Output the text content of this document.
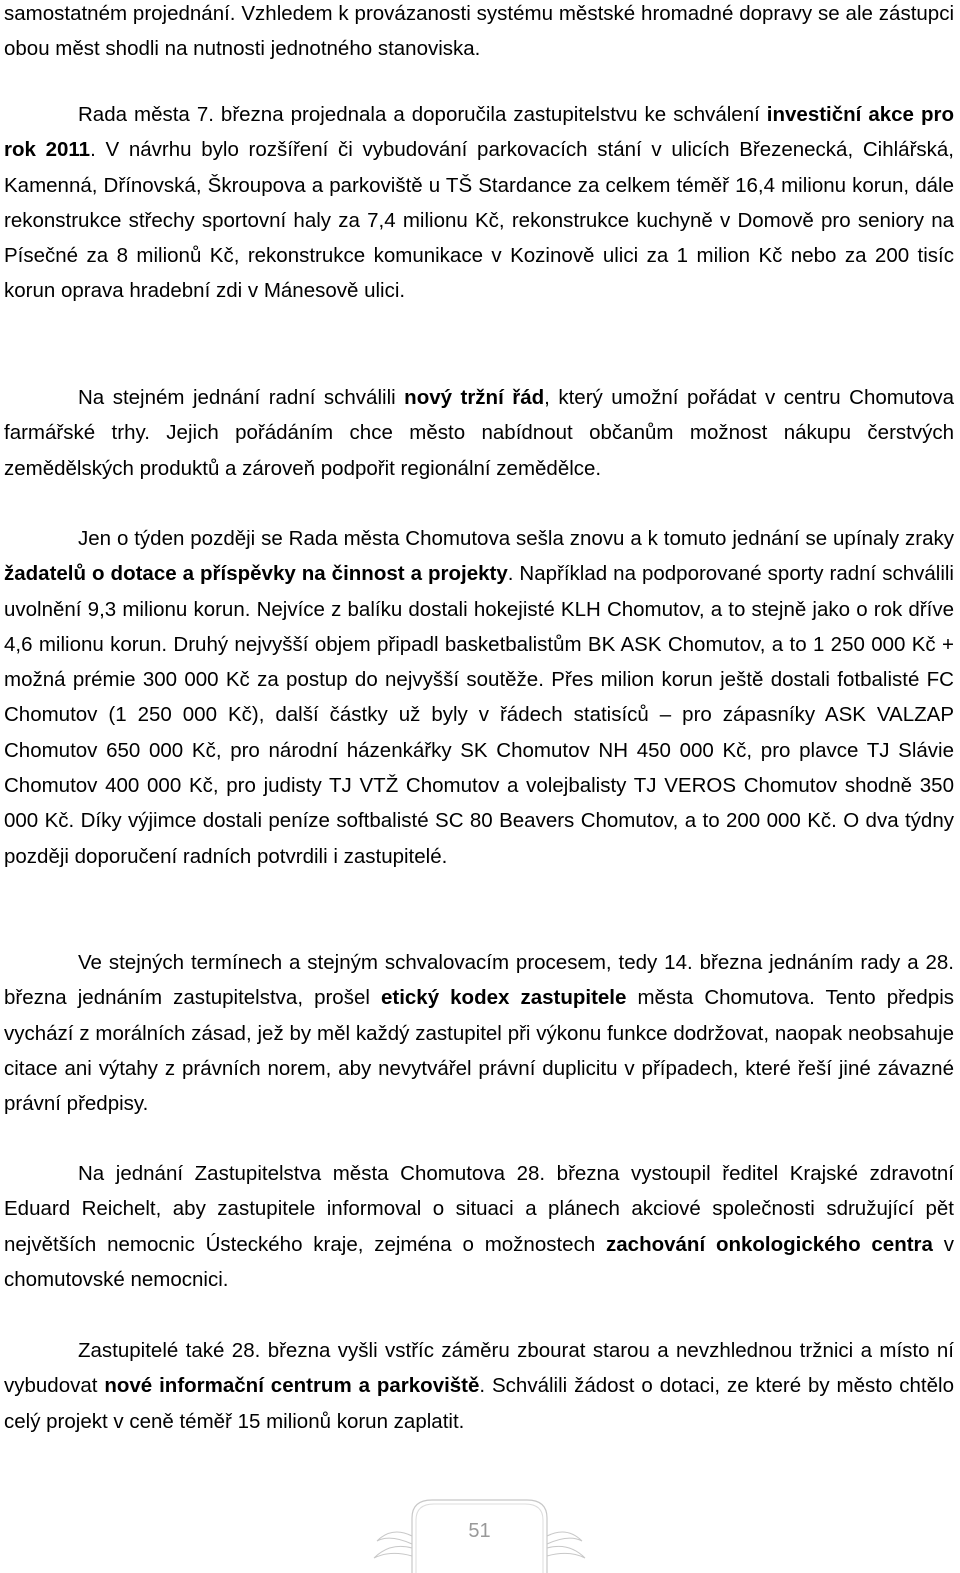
samostatném projednání. Vzhledem k provázanosti systému městské hromadné dopravy se ale zástupci obou měst shodli na nutnosti jednotného stanoviska.

Rada města 7. března projednala a doporučila zastupitelstvu ke schválení investiční akce pro rok 2011. V návrhu bylo rozšíření či vybudování parkovacích stání v ulicích Březenecká, Cihlářská, Kamenná, Dřínovská, Škroupova a parkoviště u TŠ Stardance za celkem téměř 16,4 milionu korun, dále rekonstrukce střechy sportovní haly za 7,4 milionu Kč, rekonstrukce kuchyně v Domově pro seniory na Písečné za 8 milionů Kč, rekonstrukce komunikace v Kozinově ulici za 1 milion Kč nebo za 200 tisíc korun oprava hradební zdi v Mánesově ulici.

Na stejném jednání radní schválili nový tržní řád, který umožní pořádat v centru Chomutova farmářské trhy. Jejich pořádáním chce město nabídnout občanům možnost nákupu čerstvých zemědělských produktů a zároveň podpořit regionální zemědělce.

Jen o týden později se Rada města Chomutova sešla znovu a k tomuto jednání se upínaly zraky žadatelů o dotace a příspěvky na činnost a projekty. Například na podporované sporty radní schválili uvolnění 9,3 milionu korun. Nejvíce z balíku dostali hokejisté KLH Chomutov, a to stejně jako o rok dříve 4,6 milionu korun. Druhý nejvyšší objem připadl basketbalistům BK ASK Chomutov, a to 1 250 000 Kč + možná prémie 300 000 Kč za postup do nejvyšší soutěže. Přes milion korun ještě dostali fotbalisté FC Chomutov (1 250 000 Kč), další částky už byly v řádech statisíců – pro zápasníky ASK VALZAP Chomutov 650 000 Kč, pro národní házenkářky SK Chomutov NH 450 000 Kč, pro plavce TJ Slávie Chomutov 400 000 Kč, pro judisty TJ VTŽ Chomutov a volejbalisty TJ VEROS Chomutov shodně 350 000 Kč. Díky výjimce dostali peníze softbalisté SC 80 Beavers Chomutov, a to 200 000 Kč. O dva týdny později doporučení radních potvrdili i zastupitelé.

Ve stejných termínech a stejným schvalovacím procesem, tedy 14. března jednáním rady a 28. března jednáním zastupitelstva, prošel etický kodex zastupitele města Chomutova. Tento předpis vychází z morálních zásad, jež by měl každý zastupitel při výkonu funkce dodržovat, naopak neobsahuje citace ani výtahy z právních norem, aby nevytvářel právní duplicitu v případech, které řeší jiné závazné právní předpisy.

Na jednání Zastupitelstva města Chomutova 28. března vystoupil ředitel Krajské zdravotní Eduard Reichelt, aby zastupitele informoval o situaci a plánech akciové společnosti sdružující pět největších nemocnic Ústeckého kraje, zejména o možnostech zachování onkologického centra v chomutovské nemocnici.

Zastupitelé také 28. března vyšli vstříc záměru zbourat starou a nevzhlednou tržnici a místo ní vybudovat nové informační centrum a parkoviště. Schválili žádost o dotaci, ze které by město chtělo celý projekt v ceně téměř 15 milionů korun zaplatit.

51
